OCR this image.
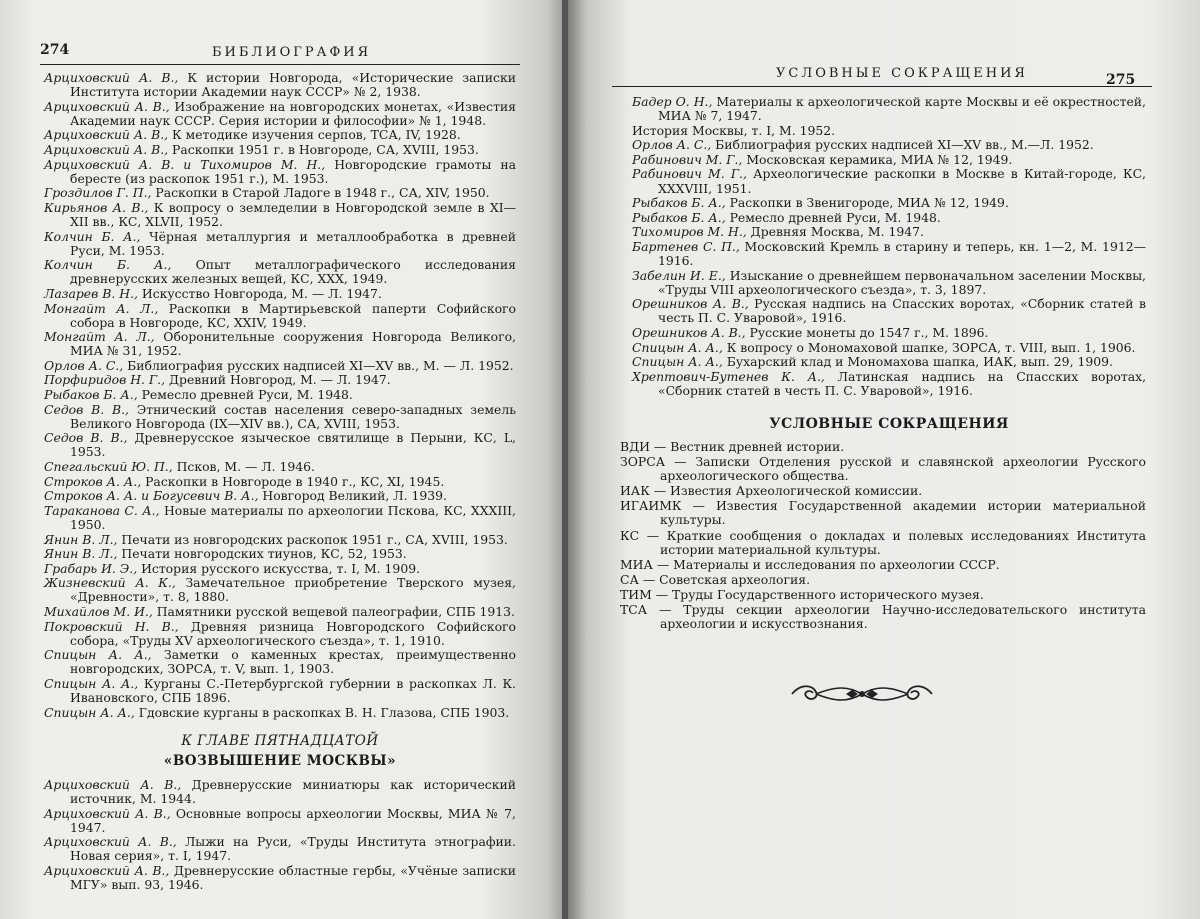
274	БИБЛИОГРАФИЯ
Арциховский А. В., К истории Новгорода, «Исторические записки Института истории Академии наук СССР» № 2, 1938.
Арциховский А. В., Изображение на новгородских монетах, «Известия Академии наук СССР. Серия истории и философии» № 1, 1948.
Арциховский А. В., К методике изучения серпов, ТСА, IV, 1928.
Арциховский А. В., Раскопки 1951 г. в Новгороде, СА, XVIII, 1953.
Арциховский А. В. и Тихомиров М. Н., Новгородские грамоты на бересте (из раскопок 1951 г.), М. 1953.
Гроздилов Г. П., Раскопки в Старой Ладоге в 1948 г., СА, XIV, 1950.
Кирьянов А. В., К вопросу о земледелии в Новгородской земле в XI—XII вв., КС, XLVII, 1952.
Колчин Б. А., Чёрная металлургия и металлообработка в древней Руси, М. 1953.
Колчин Б. А., Опыт металлографического исследования древнерусских железных вещей, КС, XXX, 1949.
Лазарев В. Н., Искусство Новгорода, М. — Л. 1947.
Монгайт А. Л., Раскопки в Мартирьевской паперти Софийского собора в Новгороде, КС, XXIV, 1949.
Монгайт А. Л., Оборонительные сооружения Новгорода Великого, МИА № 31, 1952.
Орлов А. С., Библиография русских надписей XI—XV вв., М. — Л. 1952.
Порфиридов Н. Г., Древний Новгород, М. — Л. 1947.
Рыбаков Б. А., Ремесло древней Руси, М. 1948.
Седов В. В., Этнический состав населения северо-западных земель Великого Новгорода (IX—XIV вв.), СА, XVIII, 1953.
Седов В. В., Древнерусское языческое святилище в Перыни, КС, L, 1953.
Спегальский Ю. П., Псков, М. — Л. 1946.
Строков А. А., Раскопки в Новгороде в 1940 г., КС, XI, 1945.
Строков А. А. и Богусевич В. А., Новгород Великий, Л. 1939.
Тараканова С. А., Новые материалы по археологии Пскова, КС, XXXIII, 1950.
Янин В. Л., Печати из новгородских раскопок 1951 г., СА, XVIII, 1953.
Янин В. Л., Печати новгородских тиунов, КС, 52, 1953.
Грабарь И. Э., История русского искусства, т. I, М. 1909.
Жизневский А. К., Замечательное приобретение Тверского музея, «Древности», т. 8, 1880.
Михайлов М. И., Памятники русской вещевой палеографии, СПБ 1913.
Покровский Н. В., Древняя ризница Новгородского Софийского собора, «Труды XV археологического съезда», т. 1, 1910.
Спицын А. А., Заметки о каменных крестах, преимущественно новгородских, ЗОРСА, т. V, вып. 1, 1903.
Спицын А. А., Курганы С.-Петербургской губернии в раскопках Л. К. Ивановского, СПБ 1896.
Спицын А. А., Гдовские курганы в раскопках В. Н. Глазова, СПБ 1903.
К ГЛАВЕ ПЯТНАДЦАТОЙ
«ВОЗВЫШЕНИЕ МОСКВЫ»
Арциховский А. В., Древнерусские миниатюры как исторический источник, М. 1944.
Арциховский А. В., Основные вопросы археологии Москвы, МИА № 7, 1947.
Арциховский А. В., Лыжи на Руси, «Труды Института этнографии. Новая серия», т. I, 1947.
Арциховский А. В., Древнерусские областные гербы, «Учёные записки МГУ» вып. 93, 1946.
УСЛОВНЫЕ СОКРАЩЕНИЯ	275
Бадер О. Н., Материалы к археологической карте Москвы и её окрестностей, МИА № 7, 1947.
История Москвы, т. I, М. 1952.
Орлов А. С., Библиография русских надписей XI—XV вв., М.—Л. 1952.
Рабинович М. Г., Московская керамика, МИА № 12, 1949.
Рабинович М. Г., Археологические раскопки в Москве в Китай-городе, КС, XXXVIII, 1951.
Рыбаков Б. А., Раскопки в Звенигороде, МИА № 12, 1949.
Рыбаков Б. А., Ремесло древней Руси, М. 1948.
Тихомиров М. Н., Древняя Москва, М. 1947.
Бартенев С. П., Московский Кремль в старину и теперь, кн. 1—2, М. 1912—1916.
Забелин И. Е., Изыскание о древнейшем первоначальном заселении Москвы, «Труды VIII археологического съезда», т. 3, 1897.
Орешников А. В., Русская надпись на Спасских воротах, «Сборник статей в честь П. С. Уваровой», 1916.
Орешников А. В., Русские монеты до 1547 г., М. 1896.
Спицын А. А., К вопросу о Мономаховой шапке, ЗОРСА, т. VIII, вып. 1, 1906.
Спицын А. А., Бухарский клад и Мономахова шапка, ИАК, вып. 29, 1909.
Хрептович-Бутенев К. А., Латинская надпись на Спасских воротах, «Сборник статей в честь П. С. Уваровой», 1916.
УСЛОВНЫЕ СОКРАЩЕНИЯ
ВДИ — Вестник древней истории.
ЗОРСА — Записки Отделения русской и славянской археологии Русского археологического общества.
ИАК — Известия Археологической комиссии.
ИГАИМК — Известия Государственной академии истории материальной культуры.
КС — Краткие сообщения о докладах и полевых исследованиях Института истории материальной культуры.
МИА — Материалы и исследования по археологии СССР.
СА — Советская археология.
ТИМ — Труды Государственного исторического музея.
ТСА — Труды секции археологии Научно-исследовательского института археологии и искусствознания.
